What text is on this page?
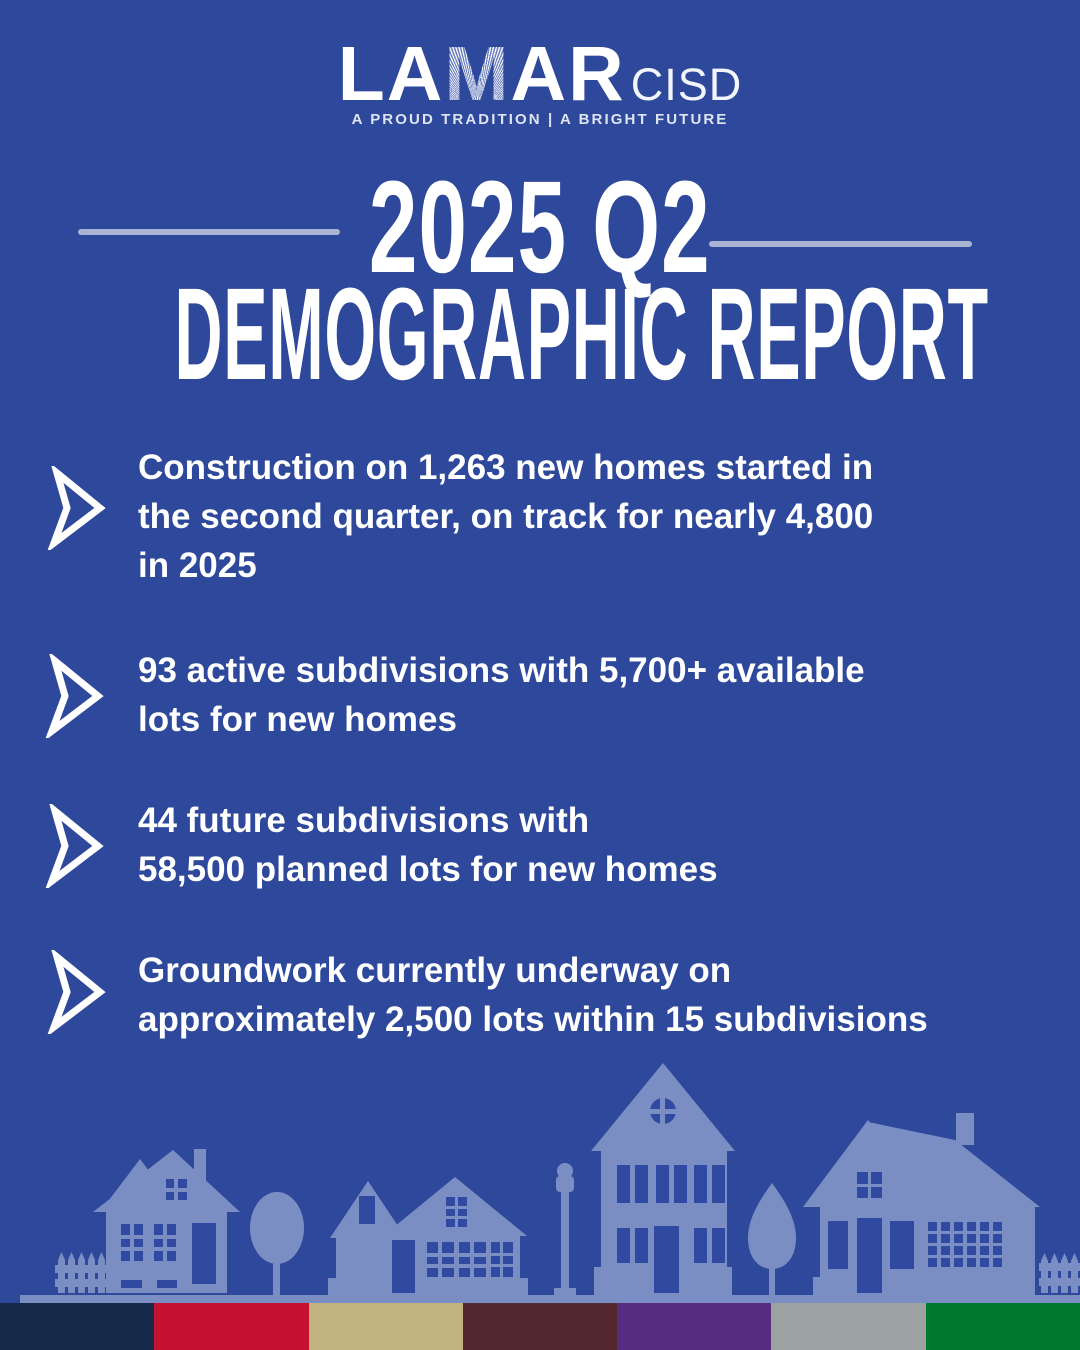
LA M AR CISD
A PROUD TRADITION | A BRIGHT FUTURE
2025 Q2
DEMOGRAPHIC REPORT
Construction on 1,263 new homes started in
the second quarter, on track for nearly 4,800
in 2025
93 active subdivisions with 5,700+ available
lots for new homes
44 future subdivisions with
58,500 planned lots for new homes
Groundwork currently underway on
approximately 2,500 lots within 15 subdivisions
